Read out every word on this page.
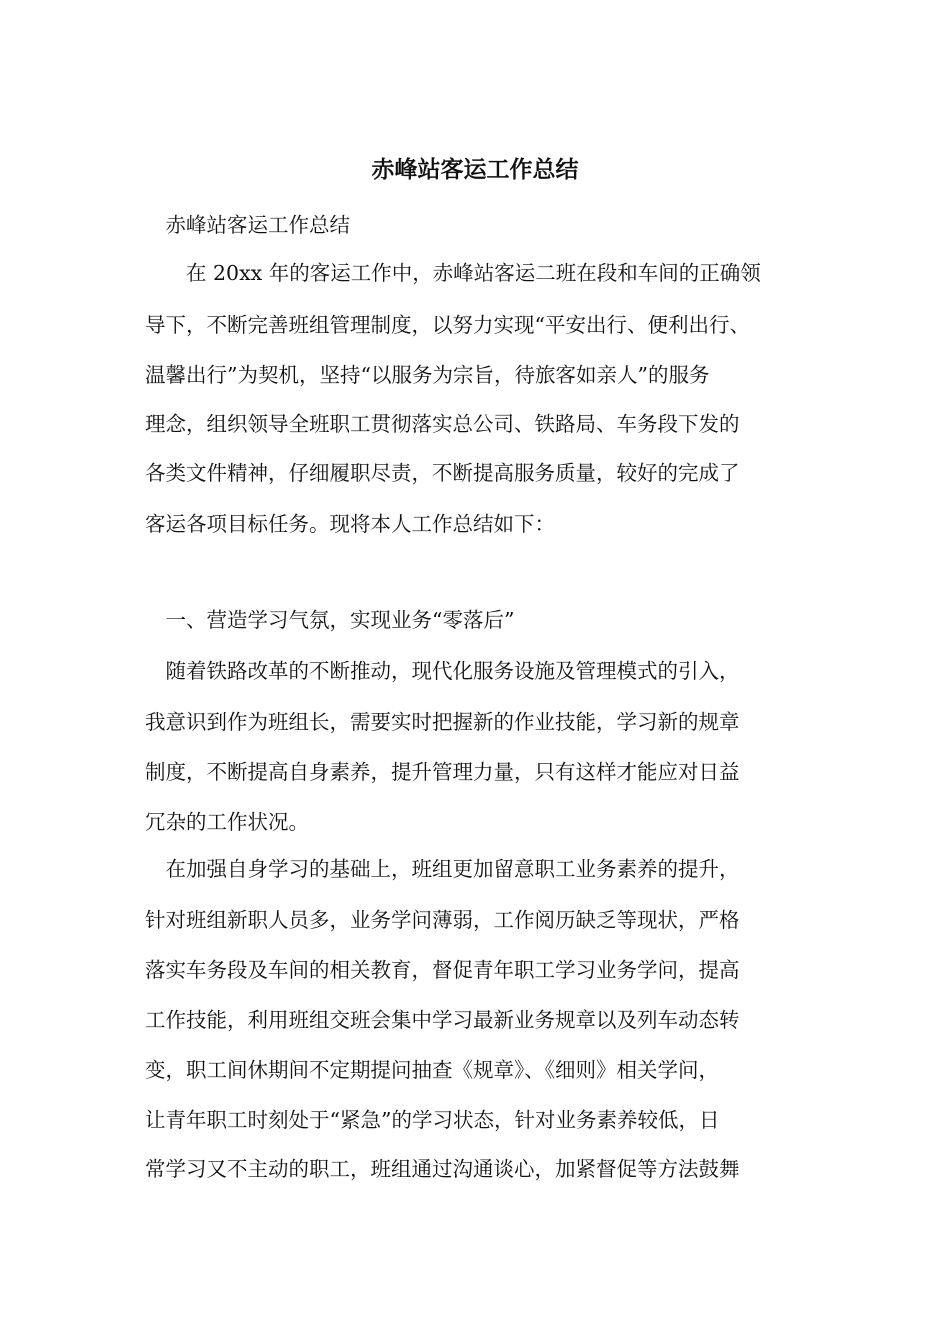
赤峰站客运工作总结
　赤峰站客运工作总结
　　在 20xx 年的客运工作中，赤峰站客运二班在段和车间的正确领
导下，不断完善班组管理制度，以努力实现“平安出行、便利出行、
温馨出行”为契机，坚持“以服务为宗旨，待旅客如亲人”的服务
理念，组织领导全班职工贯彻落实总公司、铁路局、车务段下发的
各类文件精神，仔细履职尽责，不断提高服务质量，较好的完成了
客运各项目标任务。现将本人工作总结如下：
　一、营造学习气氛，实现业务“零落后”
　随着铁路改革的不断推动，现代化服务设施及管理模式的引入，
我意识到作为班组长，需要实时把握新的作业技能，学习新的规章
制度，不断提高自身素养，提升管理力量，只有这样才能应对日益
冗杂的工作状况。
　在加强自身学习的基础上，班组更加留意职工业务素养的提升，
针对班组新职人员多，业务学问薄弱，工作阅历缺乏等现状，严格
落实车务段及车间的相关教育，督促青年职工学习业务学问，提高
工作技能，利用班组交班会集中学习最新业务规章以及列车动态转
变，职工间休期间不定期提问抽查《规章》、《细则》相关学问，
让青年职工时刻处于“紧急”的学习状态，针对业务素养较低，日
常学习又不主动的职工，班组通过沟通谈心，加紧督促等方法鼓舞
